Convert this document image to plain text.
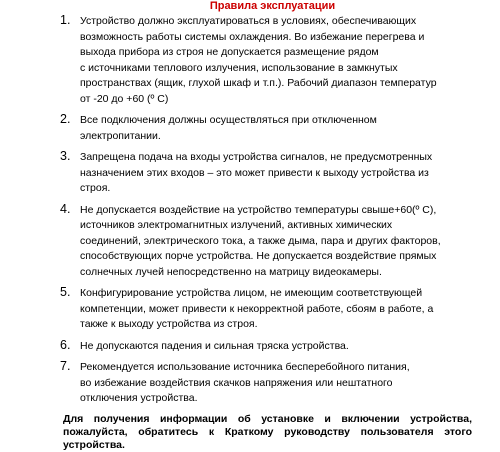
Правила эксплуатации
1. Устройство должно эксплуатироваться в условиях, обеспечивающих
возможность работы системы охлаждения. Во избежание перегрева и
выхода прибора из строя не допускается размещение рядом
с источниками теплового излучения, использование в замкнутых
пространствах (ящик, глухой шкаф и т.п.). Рабочий диапазон температур
от -20 до +60 (º C)
2. Все подключения должны осуществляться при отключенном
электропитании.
3. Запрещена подача на входы устройства сигналов, не предусмотренных
назначением этих входов – это может привести к выходу устройства из
строя.
4. Не допускается воздействие на устройство температуры свыше+60(º C),
источников электромагнитных излучений, активных химических
соединений, электрического тока, а также дыма, пара и других факторов,
способствующих порче устройства. Не допускается воздействие прямых
солнечных лучей непосредственно на матрицу видеокамеры.
5. Конфигурирование устройства лицом, не имеющим соответствующей
компетенции, может привести к некорректной работе, сбоям в работе, а
также к выходу устройства из строя.
6. Не допускаются падения и сильная тряска устройства.
7. Рекомендуется использование источника бесперебойного питания,
во избежание воздействия скачков напряжения или нештатного
отключения устройства.

Для получения информации об установке и включении устройства, пожалуйста, обратитесь к Краткому руководству пользователя этого устройства.
